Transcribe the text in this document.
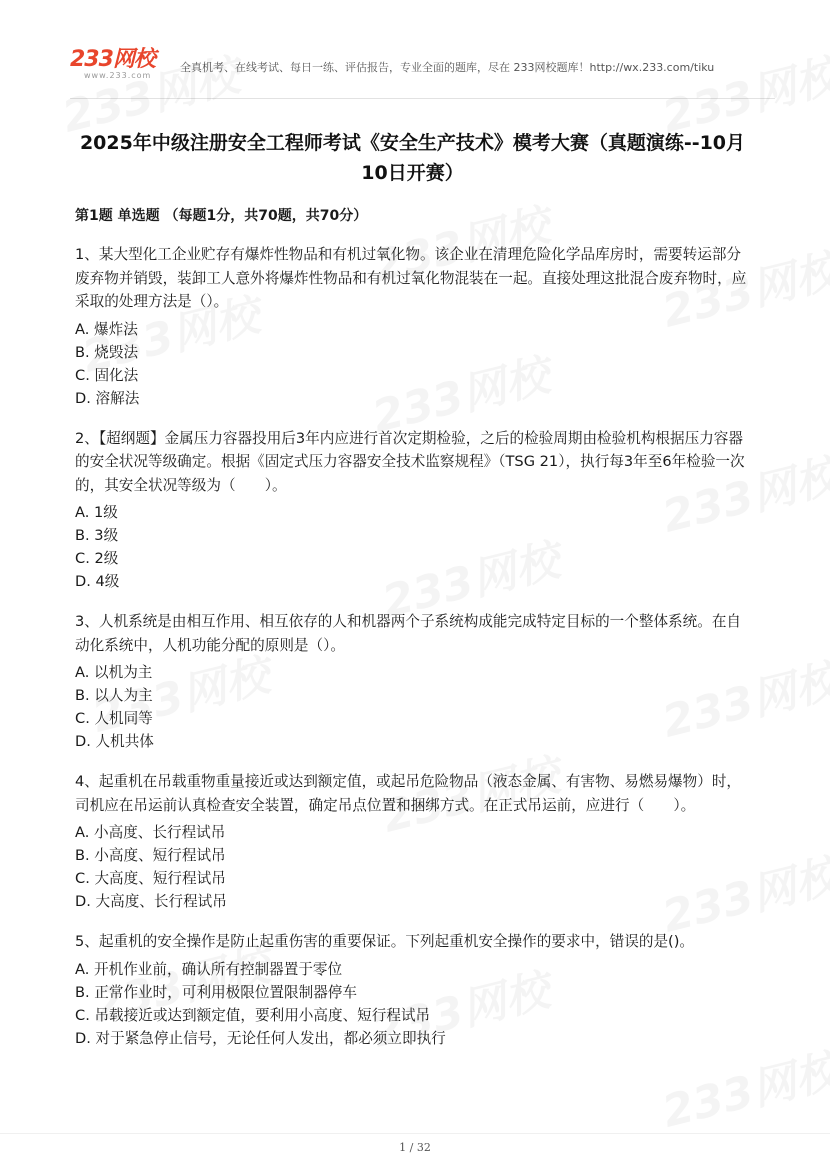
233网校
www.233.com
全真机考、在线考试、每日一练、评估报告，专业全面的题库，尽在 233网校题库！http://wx.233.com/tiku
2025年中级注册安全工程师考试《安全生产技术》模考大赛（真题演练--10月10日开赛）
第1题 单选题 （每题1分，共70题，共70分）

1、某大型化工企业贮存有爆炸性物品和有机过氧化物。该企业在清理危险化学品库房时，需要转运部分废弃物并销毁，装卸工人意外将爆炸性物品和有机过氧化物混装在一起。直接处理这批混合废弃物时，应采取的处理方法是（）。

A. 爆炸法

B. 烧毁法

C. 固化法

D. 溶解法

2、【超纲题】金属压力容器投用后3年内应进行首次定期检验，之后的检验周期由检验机构根据压力容器的安全状况等级确定。根据《固定式压力容器安全技术监察规程》（TSG 21），执行每3年至6年检验一次的，其安全状况等级为（　　）。

A. 1级

B. 3级

C. 2级

D. 4级

3、人机系统是由相互作用、相互依存的人和机器两个子系统构成能完成特定目标的一个整体系统。在自动化系统中，人机功能分配的原则是（）。

A. 以机为主

B. 以人为主

C. 人机同等

D. 人机共体

4、起重机在吊载重物重量接近或达到额定值，或起吊危险物品（液态金属、有害物、易燃易爆物）时，司机应在吊运前认真检查安全装置，确定吊点位置和捆绑方式。在正式吊运前，应进行（　　）。

A. 小高度、长行程试吊

B. 小高度、短行程试吊

C. 大高度、短行程试吊

D. 大高度、长行程试吊

5、起重机的安全操作是防止起重伤害的重要保证。下列起重机安全操作的要求中，错误的是()。

A. 开机作业前，确认所有控制器置于零位

B. 正常作业时，可利用极限位置限制器停车

C. 吊载接近或达到额定值，要利用小高度、短行程试吊

D. 对于紧急停止信号，无论任何人发出，都必须立即执行

1 / 32
